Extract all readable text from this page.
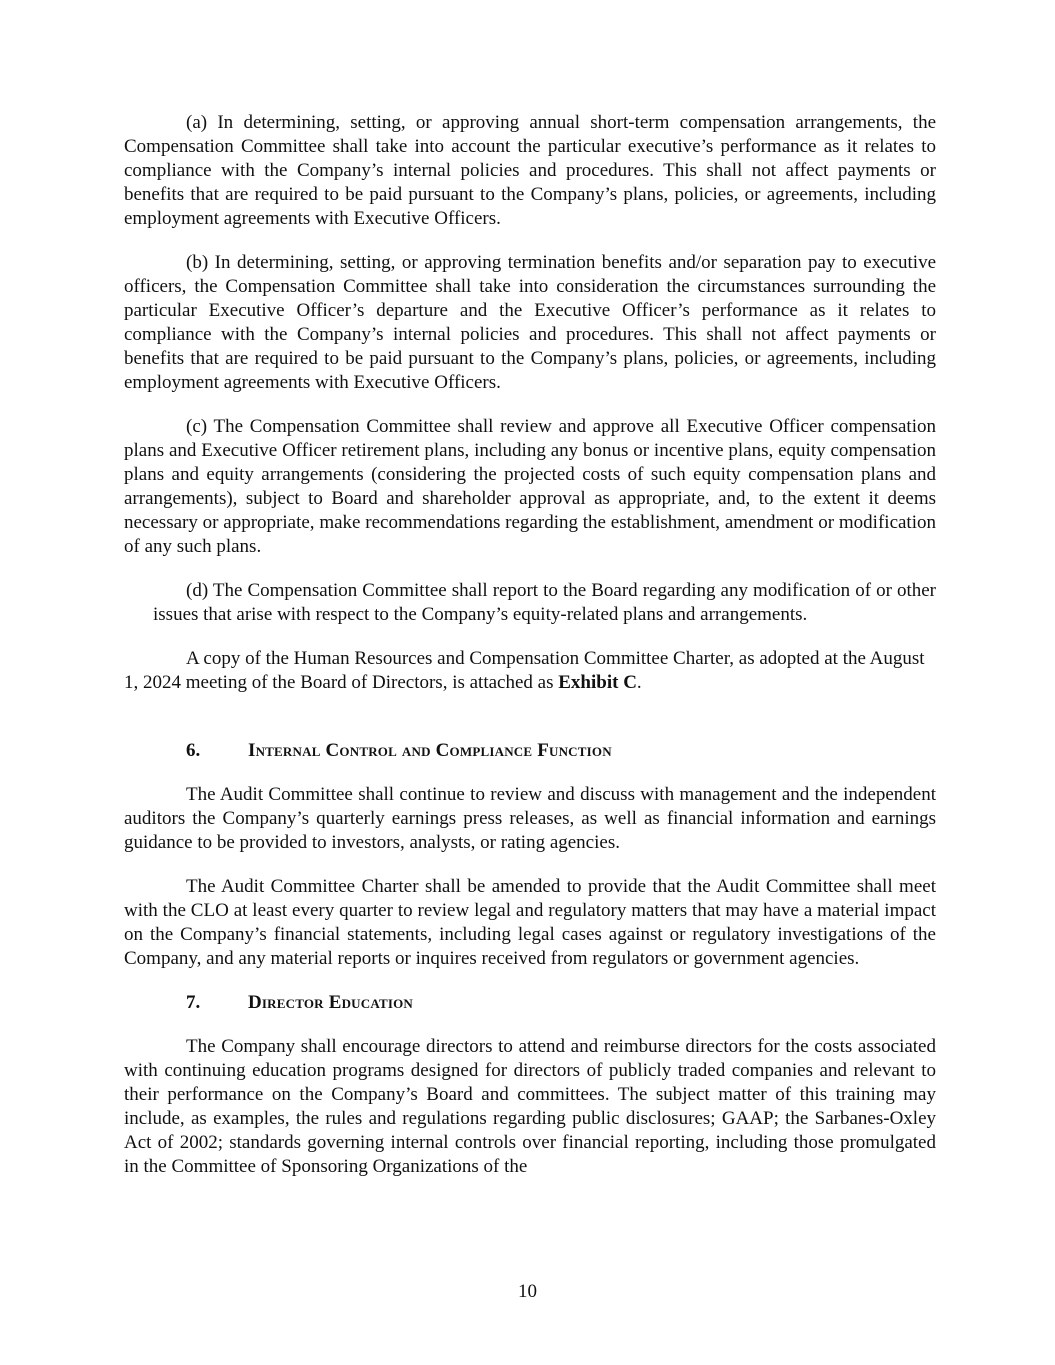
(a) In determining, setting, or approving annual short-term compensation arrangements, the Compensation Committee shall take into account the particular executive’s performance as it relates to compliance with the Company’s internal policies and procedures. This shall not affect payments or benefits that are required to be paid pursuant to the Company’s plans, policies, or agreements, including employment agreements with Executive Officers.

(b) In determining, setting, or approving termination benefits and/or separation pay to executive officers, the Compensation Committee shall take into consideration the circumstances surrounding the particular Executive Officer’s departure and the Executive Officer’s performance as it relates to compliance with the Company’s internal policies and procedures. This shall not affect payments or benefits that are required to be paid pursuant to the Company’s plans, policies, or agreements, including employment agreements with Executive Officers.

(c) The Compensation Committee shall review and approve all Executive Officer compensation plans and Executive Officer retirement plans, including any bonus or incentive plans, equity compensation plans and equity arrangements (considering the projected costs of such equity compensation plans and arrangements), subject to Board and shareholder approval as appropriate, and, to the extent it deems necessary or appropriate, make recommendations regarding the establishment, amendment or modification of any such plans.

(d) The Compensation Committee shall report to the Board regarding any modification of or other issues that arise with respect to the Company’s equity-related plans and arrangements.

A copy of the Human Resources and Compensation Committee Charter, as adopted at the August 1, 2024 meeting of the Board of Directors, is attached as Exhibit C.

6.	Internal Control and Compliance Function

The Audit Committee shall continue to review and discuss with management and the independent auditors the Company’s quarterly earnings press releases, as well as financial information and earnings guidance to be provided to investors, analysts, or rating agencies.

The Audit Committee Charter shall be amended to provide that the Audit Committee shall meet with the CLO at least every quarter to review legal and regulatory matters that may have a material impact on the Company’s financial statements, including legal cases against or regulatory investigations of the Company, and any material reports or inquires received from regulators or government agencies.

7.	Director Education

The Company shall encourage directors to attend and reimburse directors for the costs associated with continuing education programs designed for directors of publicly traded companies and relevant to their performance on the Company’s Board and committees. The subject matter of this training may include, as examples, the rules and regulations regarding public disclosures; GAAP; the Sarbanes-Oxley Act of 2002; standards governing internal controls over financial reporting, including those promulgated in the Committee of Sponsoring Organizations of the

10
